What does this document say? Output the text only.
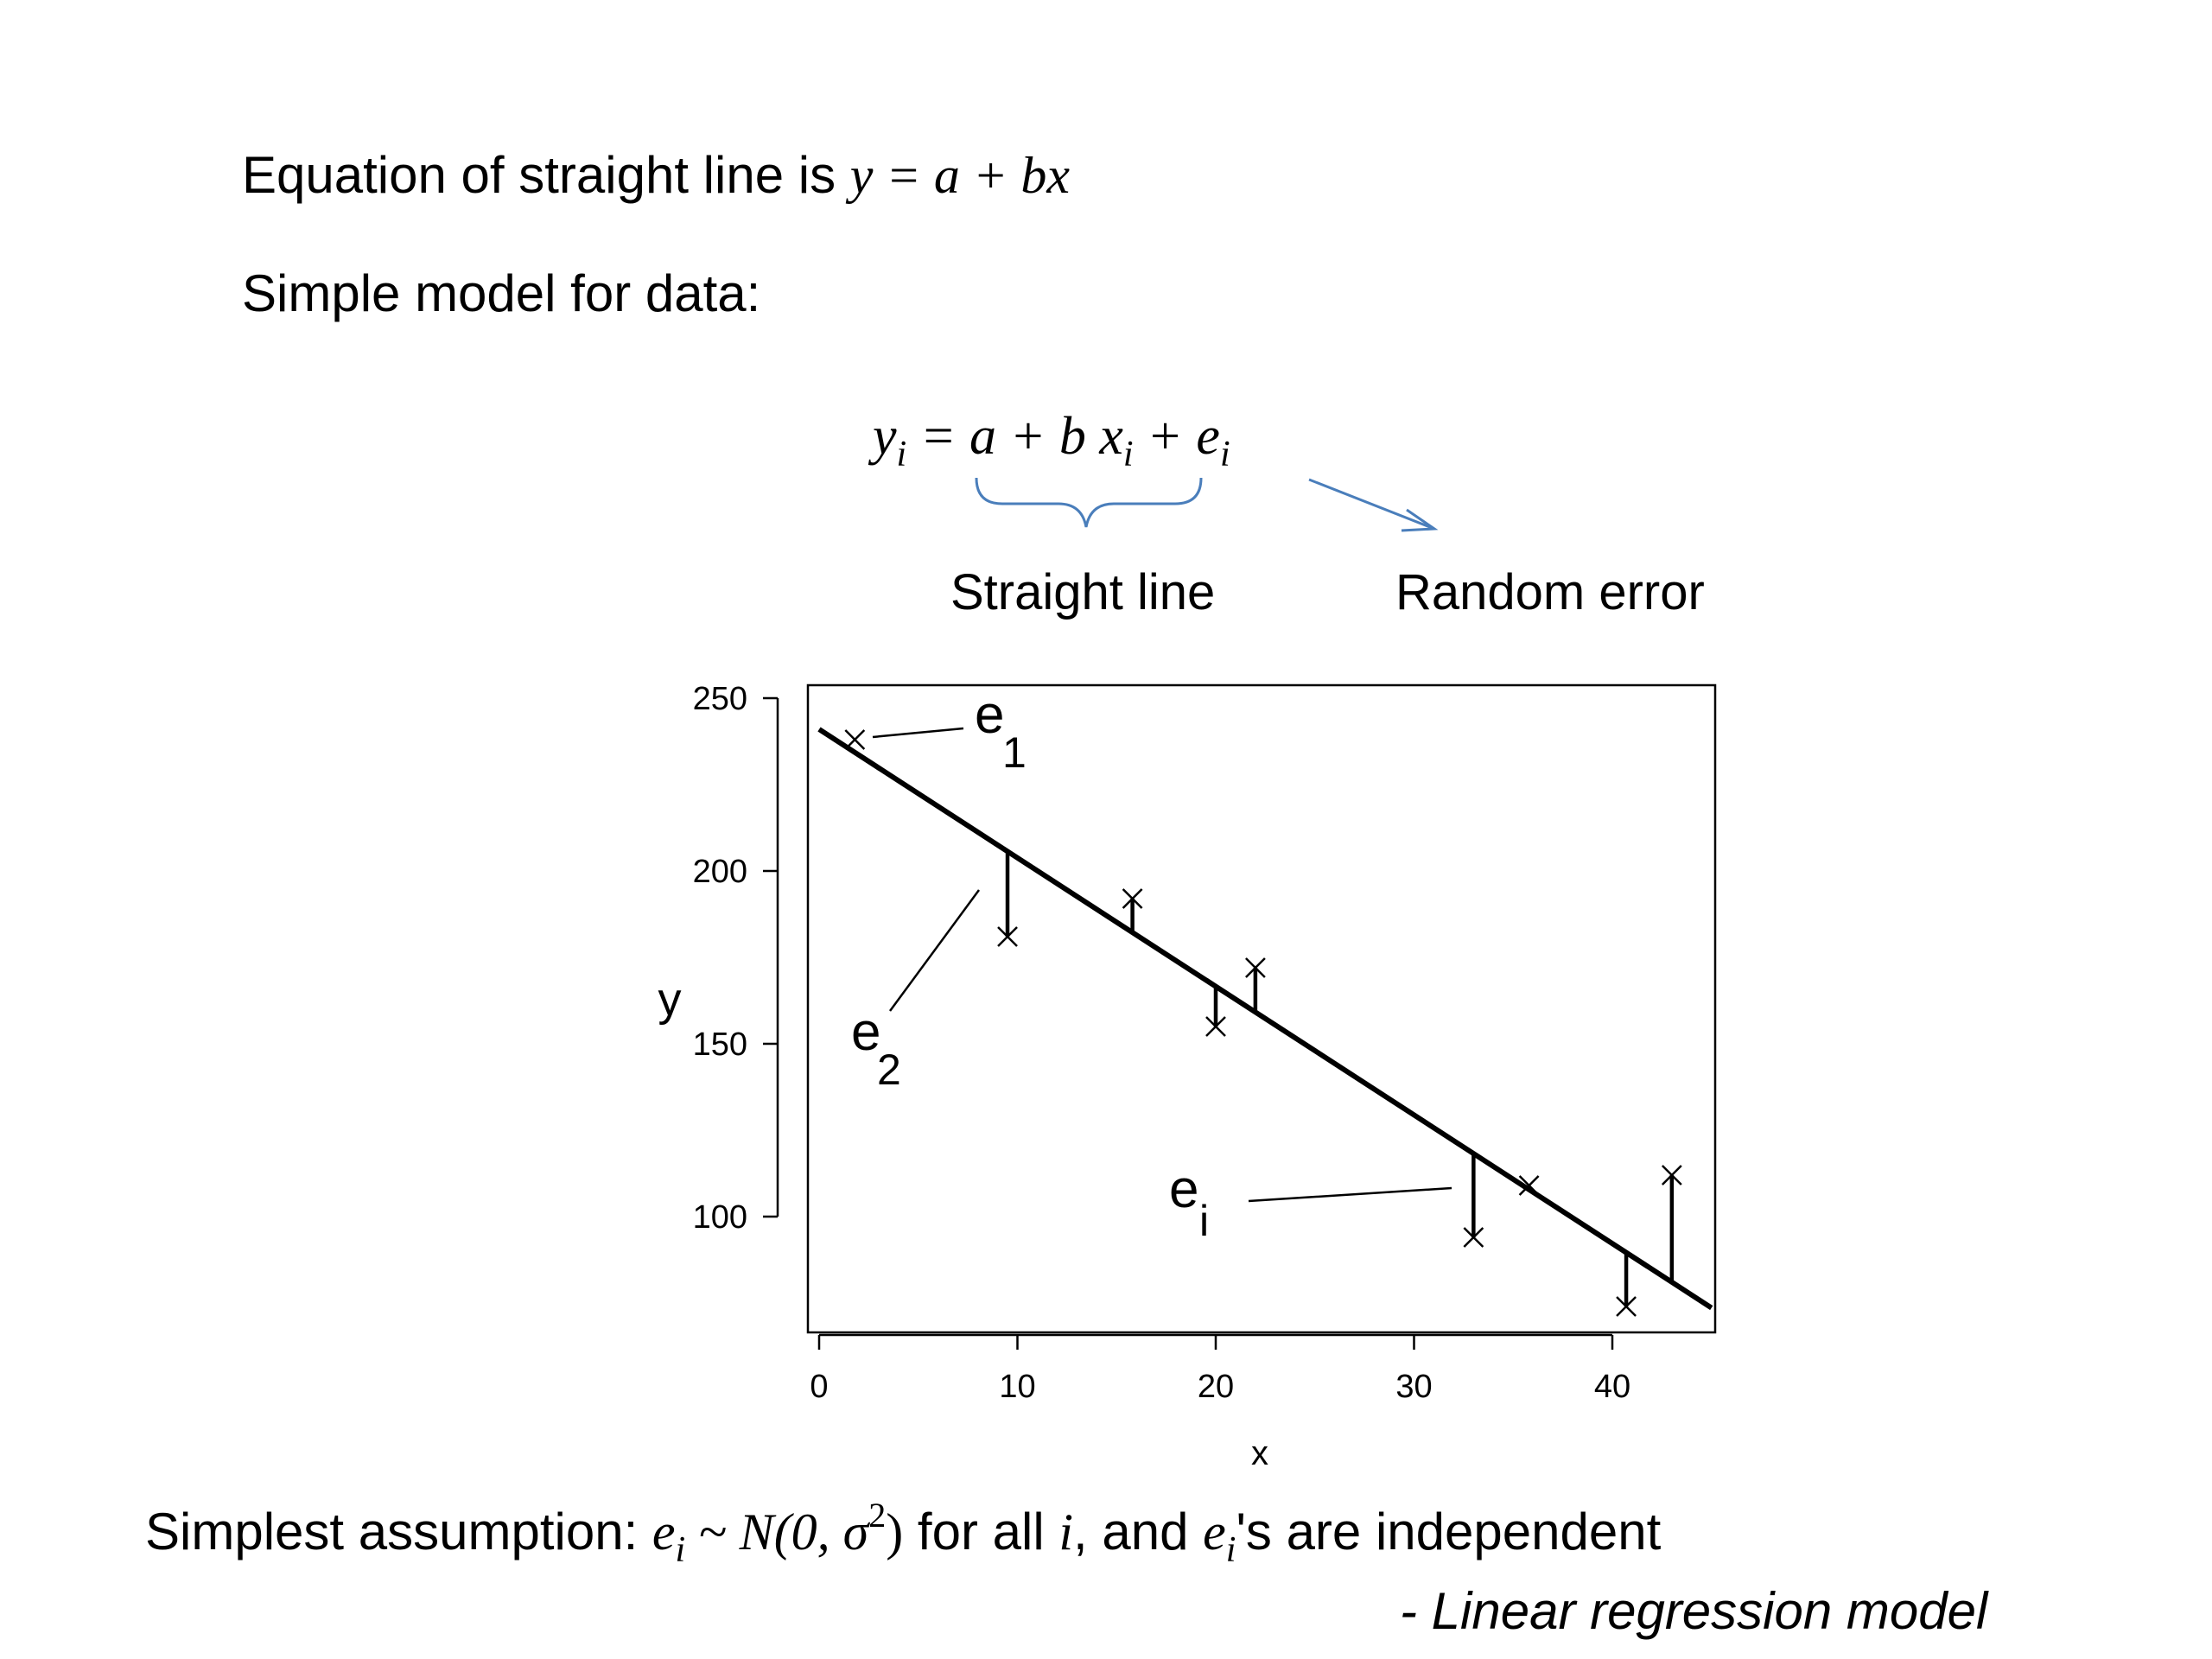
Equation of straight line is y = a + bx
Simple model for data:
$y_i = a + b$ $x_i + e_i$
Straight line	Random error
0	10	20	30	40
100
150
200
250	e
1
e
2
e
i
x
y
Simplest assumption: $e_i$ ~ N(0, $\sigma^2$) for all i, and $e_i's$ are independent
- Linear regression model
